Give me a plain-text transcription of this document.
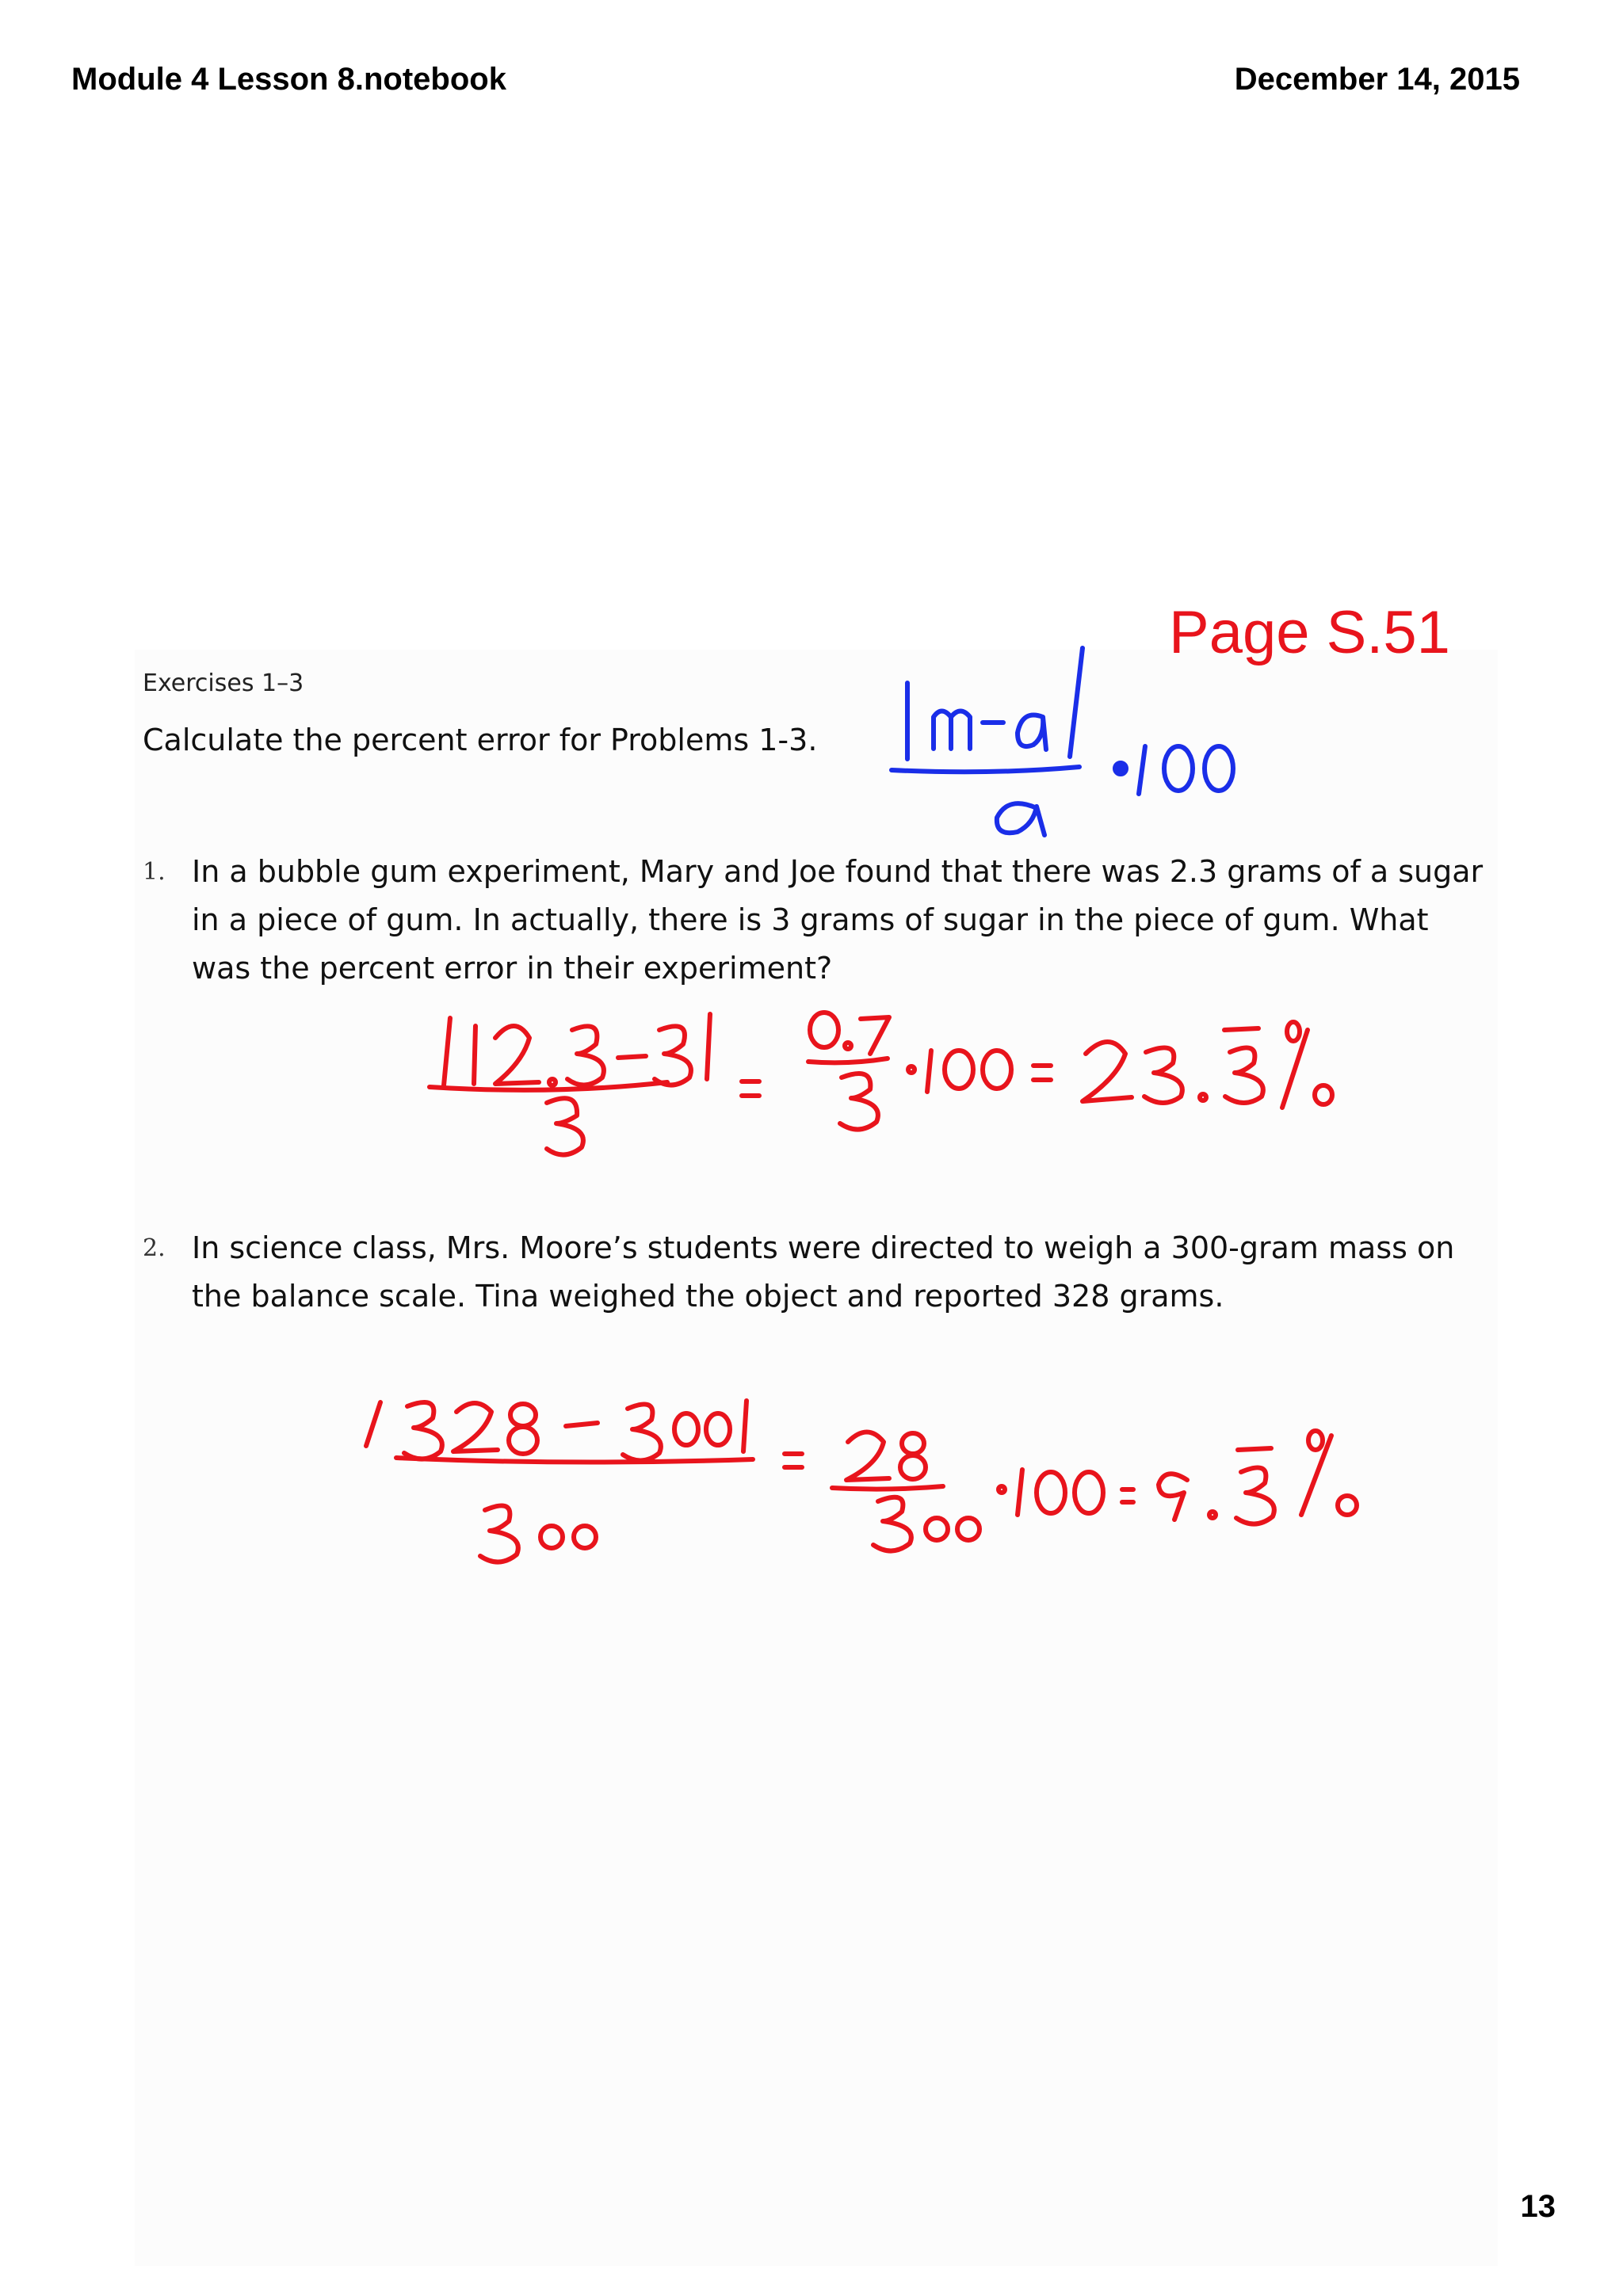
Module 4 Lesson 8.notebook	December 14, 2015
Page S.51
Exercises 1–3
Calculate the percent error for Problems 1-3.
1. In a bubble gum experiment, Mary and Joe found that there was 2.3 grams of a sugar in a piece of gum. In actually, there is 3 grams of sugar in the piece of gum. What was the percent error in their experiment?
2. In science class, Mrs. Moore’s students were directed to weigh a 300-gram mass on the balance scale. Tina weighed the object and reported 328 grams.
13
